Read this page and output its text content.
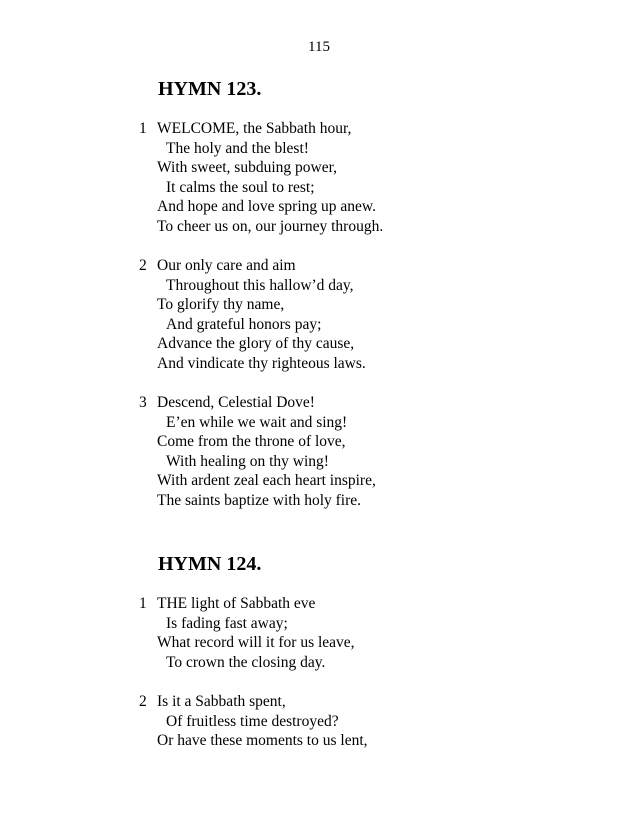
115
HYMN 123.
1 WELCOME, the Sabbath hour,
The holy and the blest!
With sweet, subduing power,
It calms the soul to rest;
And hope and love spring up anew.
To cheer us on, our journey through.
2 Our only care and aim
Throughout this hallow’d day,
To glorify thy name,
And grateful honors pay;
Advance the glory of thy cause,
And vindicate thy righteous laws.
3 Descend, Celestial Dove!
E’en while we wait and sing!
Come from the throne of love,
With healing on thy wing!
With ardent zeal each heart inspire,
The saints baptize with holy fire.
HYMN 124.
1 THE light of Sabbath eve
Is fading fast away;
What record will it for us leave,
To crown the closing day.
2 Is it a Sabbath spent,
Of fruitless time destroyed?
Or have these moments to us lent,
